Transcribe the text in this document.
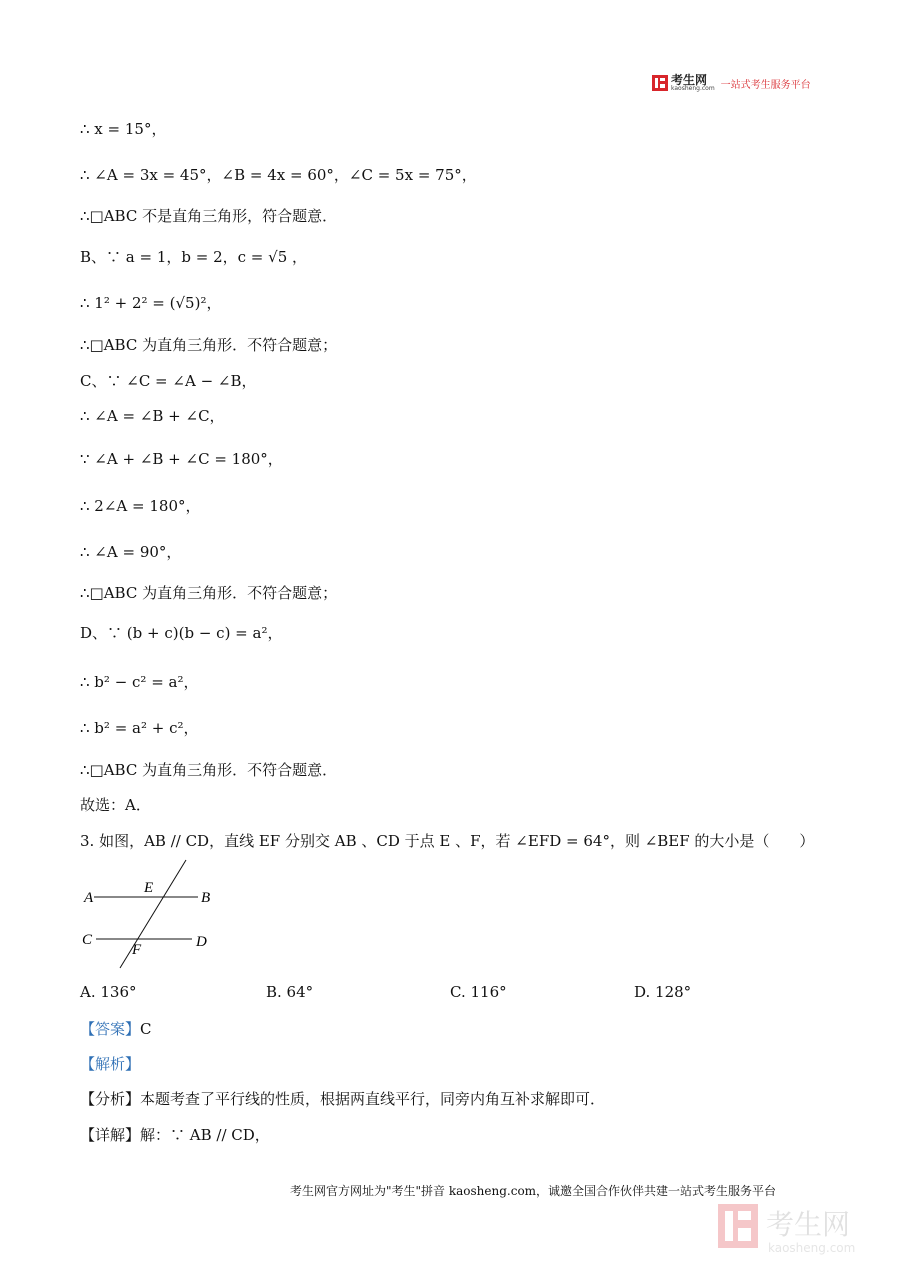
考生网
kaosheng.com 一站式考生服务平台
∴ x = 15°，
∴ ∠A = 3x = 45°，∠B = 4x = 60°，∠C = 5x = 75°，
∴□ABC 不是直角三角形，符合题意．
B、∵ a = 1，b = 2，c = √5 ，
∴ 1² + 2² = (√5)²，
∴□ABC 为直角三角形．不符合题意；
C、∵ ∠C = ∠A − ∠B，
∴ ∠A = ∠B + ∠C，
∵ ∠A + ∠B + ∠C = 180°，
∴ 2∠A = 180°，
∴ ∠A = 90°，
∴□ABC 为直角三角形．不符合题意；
D、∵ (b + c)(b − c) = a²，
∴ b² − c² = a²，
∴ b² = a² + c²，
∴□ABC 为直角三角形．不符合题意．
故选：A．
3. 如图，AB // CD，直线 EF 分别交 AB 、CD 于点 E 、F，若 ∠EFD = 64°，则 ∠BEF 的大小是（　　）
A
E
B
C
F	D
A. 136°	B. 64°	C. 116°	D. 128°
【答案】C
【解析】
【分析】本题考查了平行线的性质，根据两直线平行，同旁内角互补求解即可．
【详解】解：∵ AB // CD，
考生网官方网址为"考生"拼音 kaosheng.com，诚邀全国合作伙伴共建一站式考生服务平台
考生网
kaosheng.com
